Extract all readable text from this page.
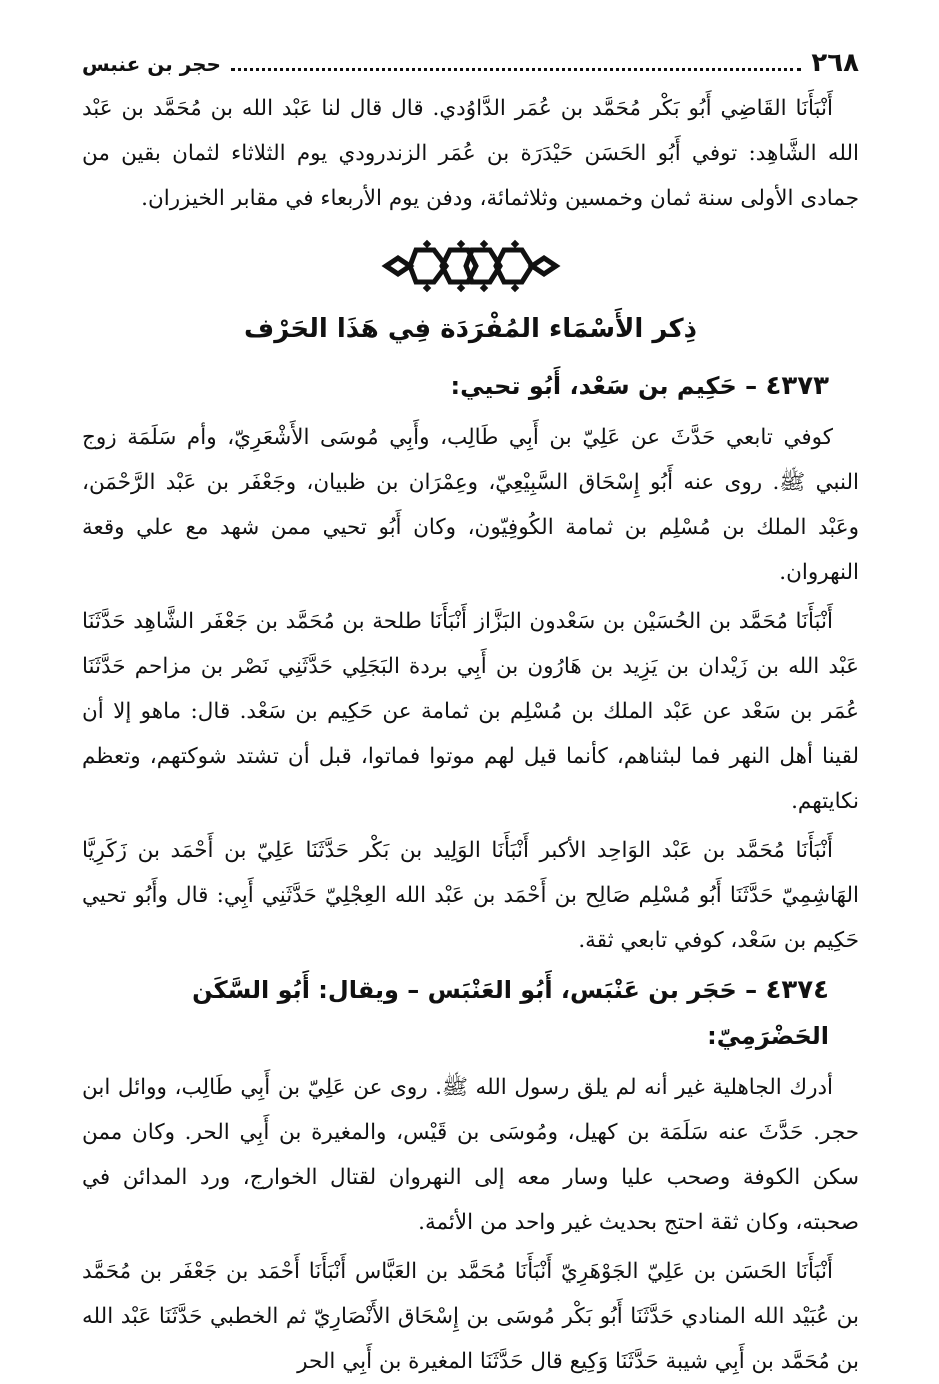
٢٦٨
حجر بن عنبس

أَنْبَأَنَا القَاضِي أَبُو بَكْر مُحَمَّد بن عُمَر الدَّاوُدي. قال قال لنا عَبْد الله بن مُحَمَّد بن عَبْد الله الشَّاهِد: توفي أَبُو الحَسَن حَيْدَرَة بن عُمَر الزندرودي يوم الثلاثاء لثمان بقين من جمادى الأولى سنة ثمان وخمسين وثلاثمائة، ودفن يوم الأربعاء في مقابر الخيزران.

ذِكر الأَسْمَاء المُفْرَدَة فِي هَذَا الحَرْف
٤٣٧٣ – حَكِيم بن سَعْد، أَبُو تحيي:

كوفي تابعي حَدَّثَ عن عَلِيّ بن أَبِي طَالِب، وأَبِي مُوسَى الأَشْعَرِيّ، وأم سَلَمَة زوج النبي ﷺ. روى عنه أَبُو إِسْحَاق السَّبِيْعِيّ، وعِمْرَان بن ظبيان، وجَعْفَر بن عَبْد الرَّحْمَن، وعَبْد الملك بن مُسْلِم بن ثمامة الكُوفِيّون، وكان أَبُو تحيي ممن شهد مع علي وقعة النهروان.

أَنْبَأَنَا مُحَمَّد بن الحُسَيْن بن سَعْدون البَزَّاز أَنْبَأَنَا طلحة بن مُحَمَّد بن جَعْفَر الشَّاهِد حَدَّثَنَا عَبْد الله بن زَيْدان بن يَزِيد بن هَارُون بن أَبِي بردة البَجَلِي حَدَّثَنِي نَصْر بن مزاحم حَدَّثَنَا عُمَر بن سَعْد عن عَبْد الملك بن مُسْلِم بن ثمامة عن حَكِيم بن سَعْد. قال: ماهو إلا أن لقينا أهل النهر فما لبثناهم، كأنما قيل لهم موتوا فماتوا، قبل أن تشتد شوكتهم، وتعظم نكايتهم.

أَنْبَأَنَا مُحَمَّد بن عَبْد الوَاحِد الأكبر أَنْبَأَنَا الوَلِيد بن بَكْر حَدَّثَنَا عَلِيّ بن أَحْمَد بن زَكَرِيَّا الهَاشِمِيّ حَدَّثَنَا أَبُو مُسْلِم صَالِح بن أَحْمَد بن عَبْد الله العِجْلِيّ حَدَّثَنِي أَبِي: قال وأَبُو تحيي حَكِيم بن سَعْد، كوفي تابعي ثقة.

٤٣٧٤ – حَجَر بن عَنْبَس، أَبُو العَنْبَس – ويقال: أَبُو السَّكَن الحَضْرَمِيّ:

أدرك الجاهلية غير أنه لم يلق رسول الله ﷺ. روى عن عَلِيّ بن أَبِي طَالِب، ووائل ابن حجر. حَدَّثَ عنه سَلَمَة بن كهيل، ومُوسَى بن قَيْس، والمغيرة بن أَبِي الحر. وكان ممن سكن الكوفة وصحب عليا وسار معه إلى النهروان لقتال الخوارج، ورد المدائن في صحبته، وكان ثقة احتج بحديث غير واحد من الأئمة.

أَنْبَأَنَا الحَسَن بن عَلِيّ الجَوْهَرِيّ أَنْبَأَنَا مُحَمَّد بن العَبَّاس أَنْبَأَنَا أَحْمَد بن جَعْفَر بن مُحَمَّد بن عُبَيْد الله المنادي حَدَّثَنَا أَبُو بَكْر مُوسَى بن إِسْحَاق الأَنْصَارِيّ ثم الخطبي حَدَّثَنَا عَبْد الله بن مُحَمَّد بن أَبِي شيبة حَدَّثَنَا وَكِيع قال حَدَّثَنَا المغيرة بن أَبِي الحر
